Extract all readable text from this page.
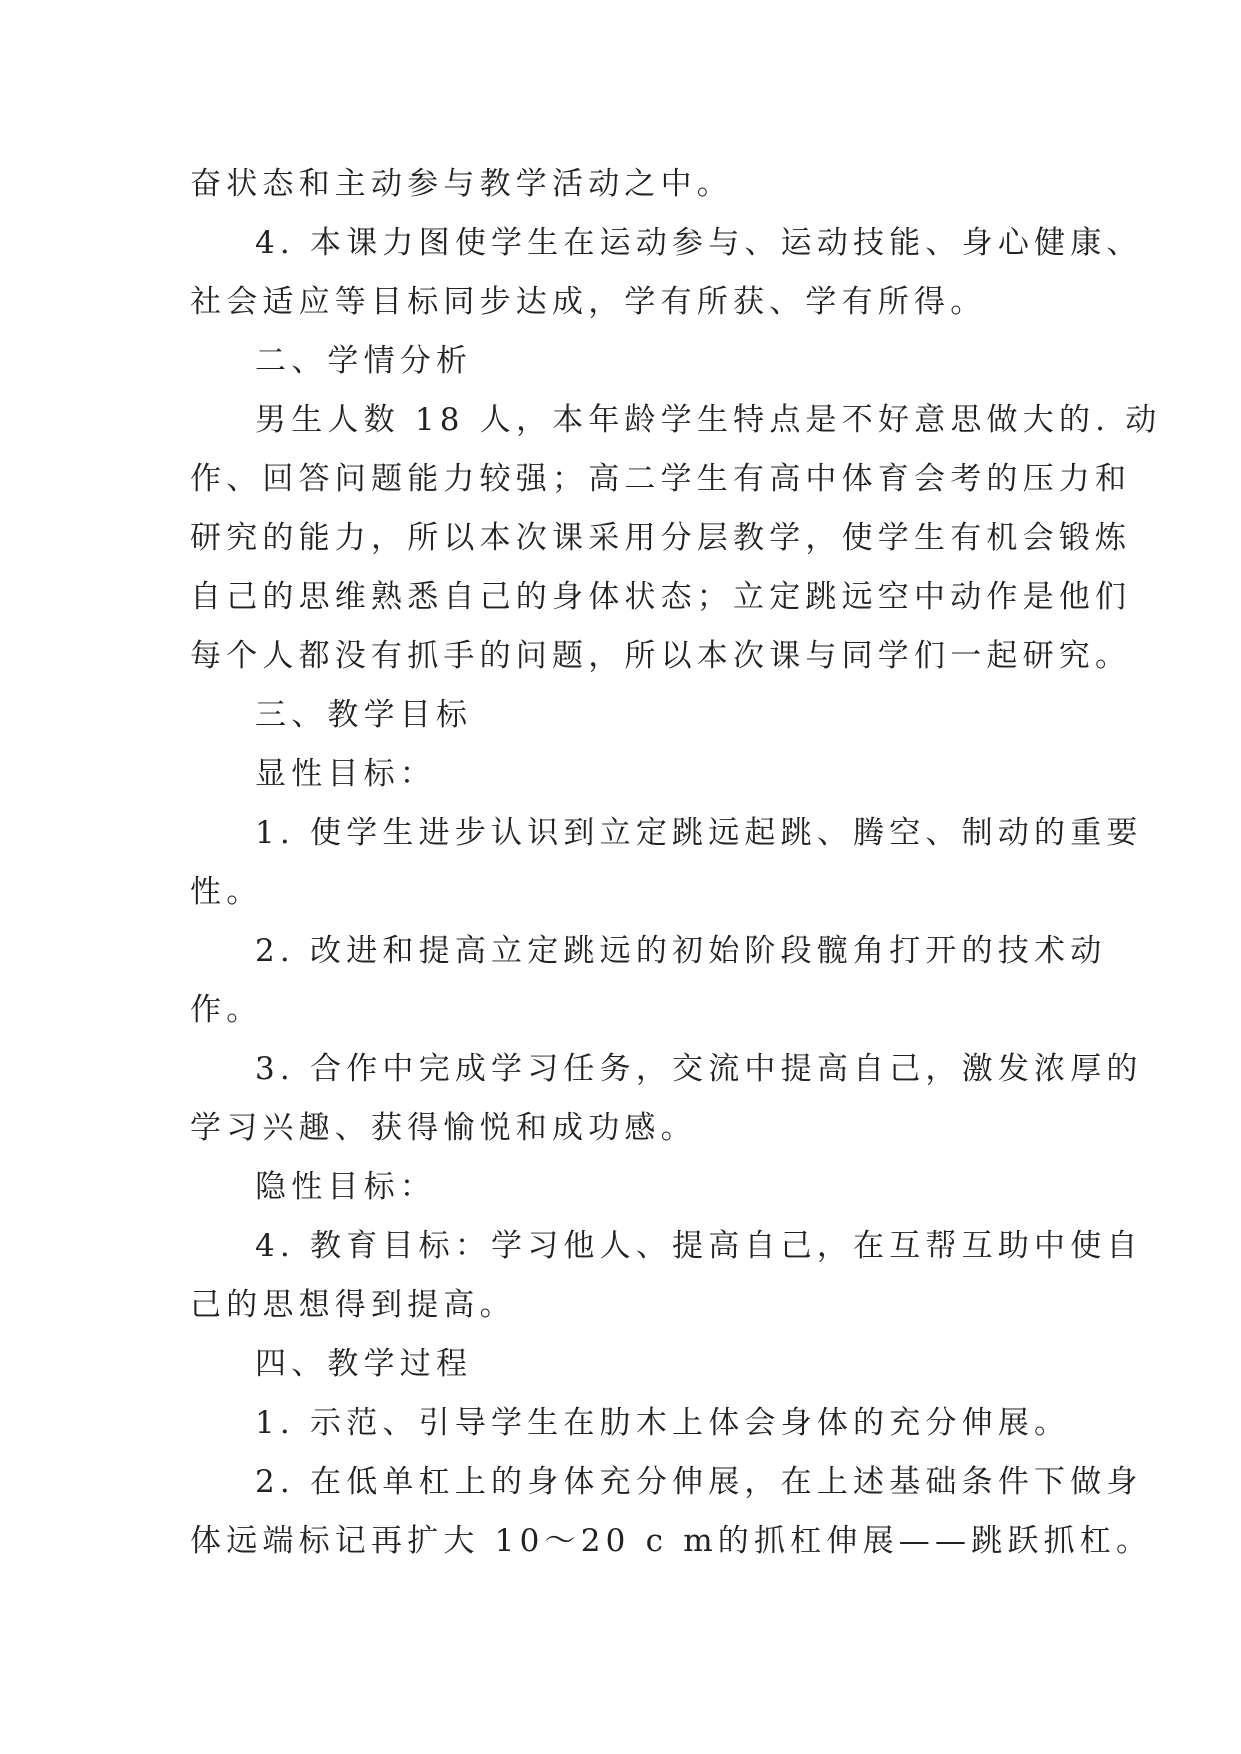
奋状态和主动参与教学活动之中。
4. 本课力图使学生在运动参与、运动技能、身心健康、
社会适应等目标同步达成，学有所获、学有所得。
二、学情分析
男生人数 18 人，本年龄学生特点是不好意思做大的. 动
作、回答问题能力较强；高二学生有高中体育会考的压力和
研究的能力，所以本次课采用分层教学，使学生有机会锻炼
自己的思维熟悉自己的身体状态；立定跳远空中动作是他们
每个人都没有抓手的问题，所以本次课与同学们一起研究。
三、教学目标
显性目标：
1. 使学生进步认识到立定跳远起跳、腾空、制动的重要
性。
2. 改进和提高立定跳远的初始阶段髋角打开的技术动
作。
3. 合作中完成学习任务，交流中提高自己，激发浓厚的
学习兴趣、获得愉悦和成功感。
隐性目标：
4. 教育目标：学习他人、提高自己，在互帮互助中使自
己的思想得到提高。
四、教学过程
1. 示范、引导学生在肋木上体会身体的充分伸展。
2. 在低单杠上的身体充分伸展，在上述基础条件下做身
体远端标记再扩大 10～20 c m的抓杠伸展——跳跃抓杠。
